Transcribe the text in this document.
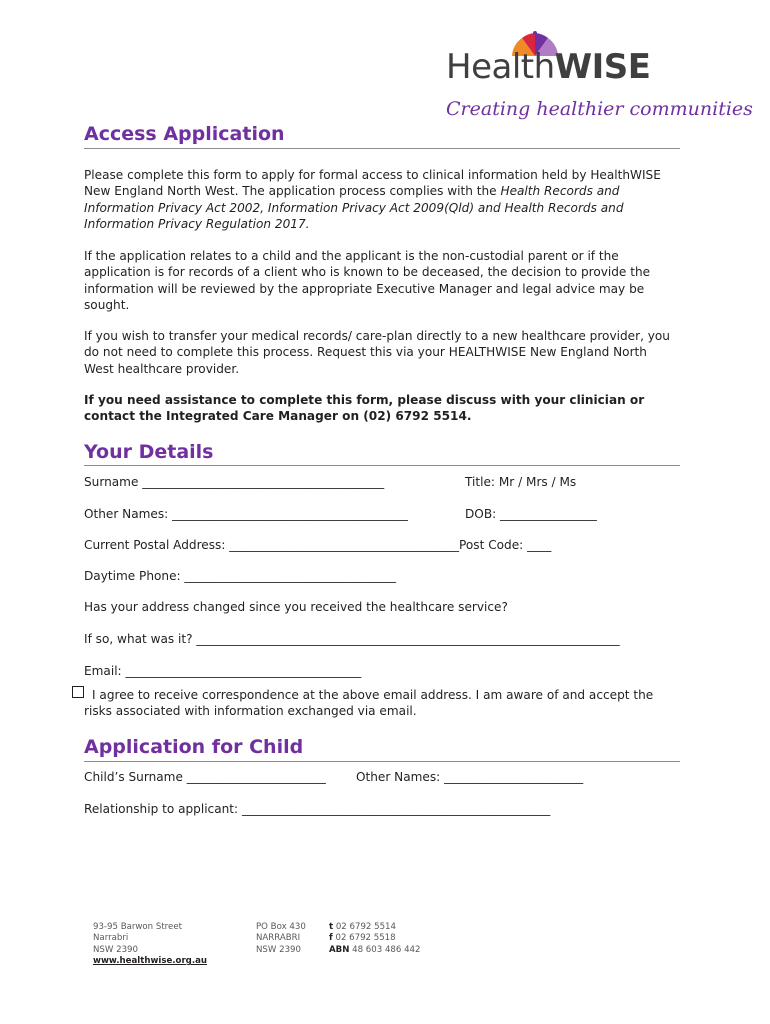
HealthWISE
Creating healthier communities
Access Application
Please complete this form to apply for formal access to clinical information held by HealthWISE New England North West. The application process complies with the Health Records and Information Privacy Act 2002, Information Privacy Act 2009(Qld) and Health Records and Information Privacy Regulation 2017.
If the application relates to a child and the applicant is the non-custodial parent or if the application is for records of a client who is known to be deceased, the decision to provide the information will be reviewed by the appropriate Executive Manager and legal advice may be sought.
If you wish to transfer your medical records/ care-plan directly to a new healthcare provider, you do not need to complete this process. Request this via your HEALTHWISE New England North West healthcare provider.
If you need assistance to complete this form, please discuss with your clinician or contact the Integrated Care Manager on (02) 6792 5514.
Your Details
Surname ________________________________________	Title: Mr / Mrs / Ms
Other Names: _______________________________________	DOB: ________________
Current Postal Address: ______________________________________Post Code: ____
Daytime Phone: ___________________________________
Has your address changed since you received the healthcare service?
If so, what was it? ______________________________________________________________________
Email: _______________________________________
I agree to receive correspondence at the above email address. I am aware of and accept the risks associated with information exchanged via email.
Application for Child
Child’s Surname _______________________ Other Names: _______________________
Relationship to applicant: ___________________________________________________
93-95 Barwon Street
Narrabri
NSW 2390
www.healthwise.org.au
PO Box 430
NARRABRI
NSW 2390
t 02 6792 5514
f 02 6792 5518
ABN 48 603 486 442
